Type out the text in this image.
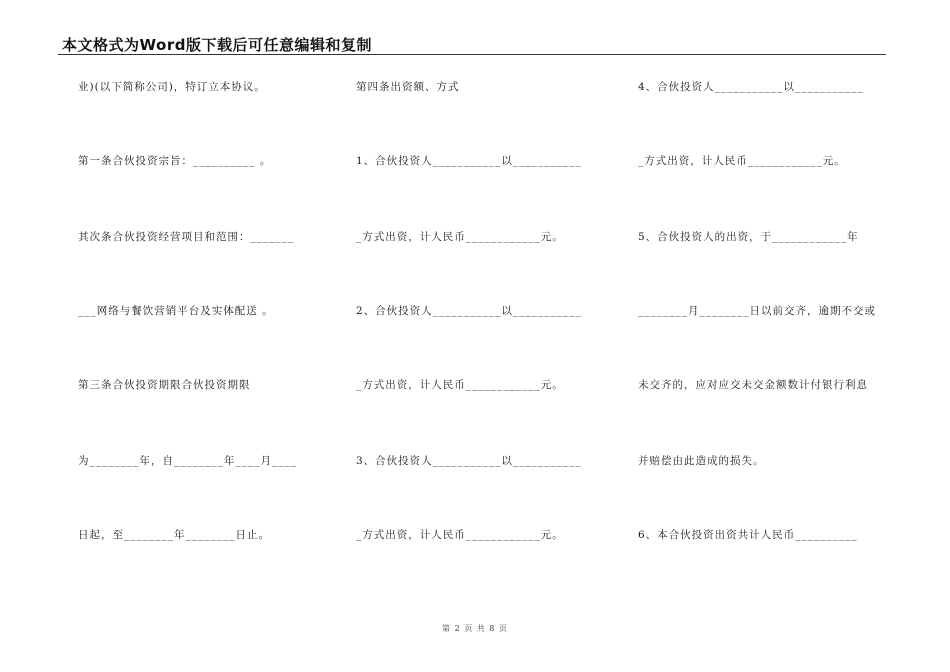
本文格式为Word版下载后可任意编辑和复制
业)(以下简称公司)，特订立本协议。
第一条合伙投资宗旨：__________ 。
其次条合伙投资经营项目和范围：_______
___网络与餐饮营销平台及实体配送 。
第三条合伙投资期限合伙投资期限
为________年，自________年____月____
日起，至________年________日止。
第四条出资额、方式
1、合伙投资人___________以___________
_方式出资，计人民币____________元。
2、合伙投资人___________以___________
_方式出资，计人民币____________元。
3、合伙投资人___________以___________
_方式出资，计人民币____________元。
4、合伙投资人___________以___________
_方式出资，计人民币____________元。
5、合伙投资人的出资，于____________年
________月________日以前交齐，逾期不交或
未交齐的，应对应交未交金额数计付银行利息
并赔偿由此造成的损失。
6、本合伙投资出资共计人民币__________
第 2 页 共 8 页
